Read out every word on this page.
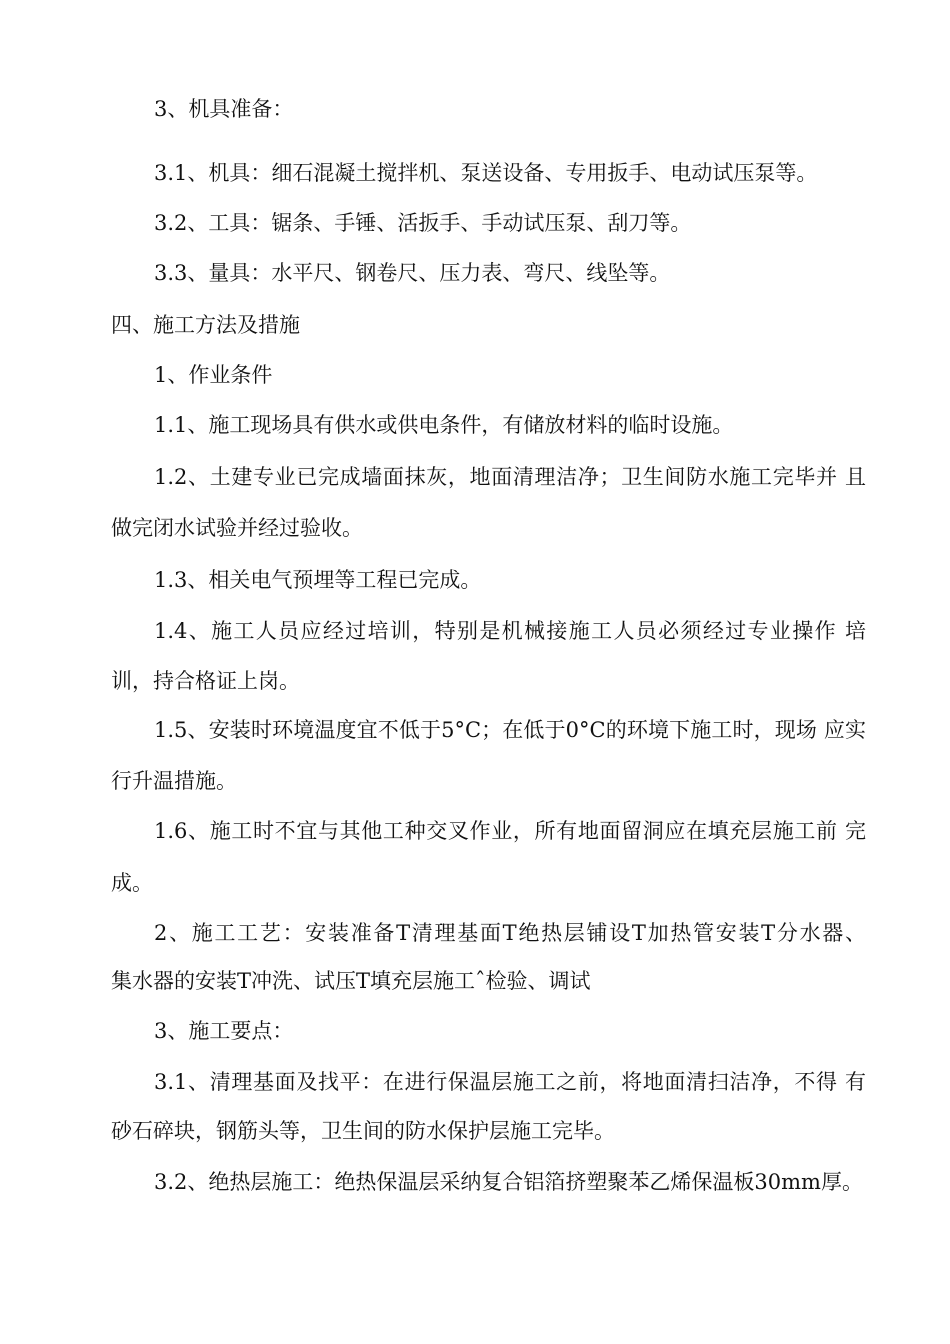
3、机具准备：
3.1、机具：细石混凝土搅拌机、泵送设备、专用扳手、电动试压泵等。
3.2、工具：锯条、手锤、活扳手、手动试压泵、刮刀等。
3.3、量具：水平尺、钢卷尺、压力表、弯尺、线坠等。
四、施工方法及措施
1、作业条件
1.1、施工现场具有供水或供电条件，有储放材料的临时设施。
1.2、土建专业已完成墙面抹灰，地面清理洁净；卫生间防水施工完毕并 且
做完闭水试验并经过验收。
1.3、相关电气预埋等工程已完成。
1.4、施工人员应经过培训，特别是机械接施工人员必须经过专业操作 培
训，持合格证上岗。
1.5、安装时环境温度宜不低于5°C；在低于0°C的环境下施工时，现场 应实
行升温措施。
1.6、施工时不宜与其他工种交叉作业，所有地面留洞应在填充层施工前 完
成。
2、施工工艺：安装准备T清理基面T绝热层铺设T加热管安装T分水器、
集水器的安装T冲洗、试压T填充层施工ˆ检验、调试
3、施工要点：
3.1、清理基面及找平：在进行保温层施工之前，将地面清扫洁净，不得 有
砂石碎块，钢筋头等，卫生间的防水保护层施工完毕。
3.2、绝热层施工：绝热保温层采纳复合铝箔挤塑聚苯乙烯保温板30mm厚。
